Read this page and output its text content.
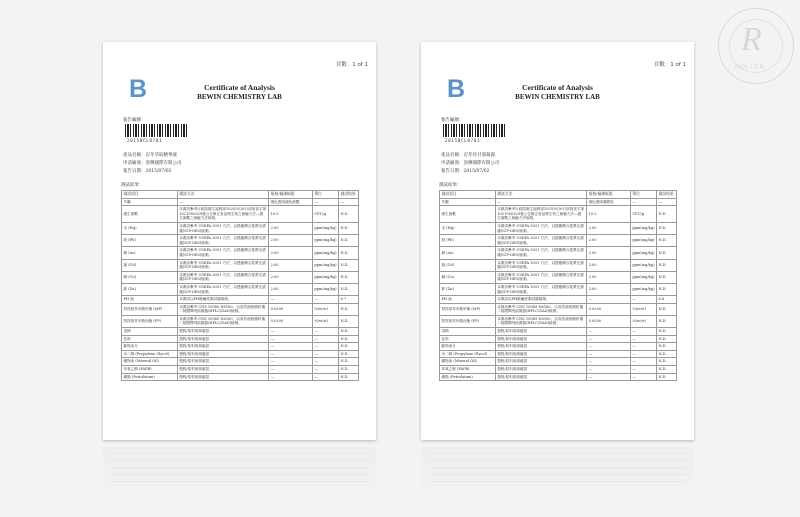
頁數：1 of 1
B	Certificate of Analysis
BEWIN CHEMISTRY LAB
報告編號：
2015BCL0701
產品名稱：忍冬萃取精華液
申請廠商：洛輝國際有限公司
報告日期：2015/07/02
測試結果：
測試項目	測試方法	規格/檢測極限	單位	測試結果
外觀	—	褐色透明液狀液體	—	—
總生菌數	本測試參考行政院衛生福利部102年8月6日部授食字第1021950329號公告修正食品微生物之檢驗方法—總生菌數之檢驗方法檢測。	10.0	CFU/g	N.D.
汞 (Hg)	本測試參考 USEPA 3051 方法，以感應耦合電漿光譜儀(ICP-OES)檢測。	2.00	ppm(mg/kg)	N.D.
鉛 (Pb)	本測試參考 USEPA 3051 方法，以感應耦合電漿光譜儀(ICP-OES)檢測。	2.00	ppm(mg/kg)	N.D.
砷 (As)	本測試參考 USEPA 3051 方法，以感應耦合電漿光譜儀(ICP-OES)檢測。	2.00	ppm(mg/kg)	N.D.
鎘 (Cd)	本測試參考 USEPA 3051 方法，以感應耦合電漿光譜儀(ICP-OES)檢測。	2.00	ppm(mg/kg)	N.D.
銅 (Cu)	本測試參考 USEPA 3051 方法，以感應耦合電漿光譜儀(ICP-OES)檢測。	2.00	ppm(mg/kg)	N.D.
鋅 (Zn)	本測試參考 USEPA 3051 方法，以感應耦合電漿光譜儀(ICP-OES)檢測。	2.00	ppm(mg/kg)	N.D.
PH 值	本測試以PH酸鹼度測試儀檢測。	—	—	6.7
對羥基苯甲酸甲酯 (MP)	本測試參考 CNS 10949 N6180，以高效液相層析儀二極體陣列偵測器(HPLC/DAD)檢測。	0.0200	%(w/w)	N.D.
對羥基苯甲酸丙酯 (PP)	本測試參考 CNS 10949 N6180，以高效液相層析儀二極體陣列偵測器(HPLC/DAD)檢測。	0.0200	%(w/w)	N.D.
香精	製程/原料來源確認	—	—	N.D.
色料	製程/原料來源確認	—	—	N.D.
動物成分	製程/原料來源確認	—	—	N.D.
丙二醇 (Propylene Glycol)	製程/原料來源確認	—	—	N.D.
礦物油 (Mineral Oil)	製程/原料來源確認	—	—	N.D.
苯氧乙醇 (PAPB)	製程/原料來源確認	—	—	N.D.
礦脂 (Petrolatum)	製程/原料來源確認	—	—	N.D.
頁數：1 of 1
B	Certificate of Analysis
BEWIN CHEMISTRY LAB
報告編號：
2015BCL0702
產品名稱：忍冬洋甘菊凝露
申請廠商：洛輝國際有限公司
報告日期：2015/07/02
測試結果：
測試項目	測試方法	規格/檢測極限	單位	測試結果
外觀	—	褐色透明凝膠狀	—	—
總生菌數	本測試參考行政院衛生福利部102年8月6日部授食字第1021950329號公告修正食品微生物之檢驗方法—總生菌數之檢驗方法檢測。	10.0	CFU/g	N.D.
汞 (Hg)	本測試參考 USEPA 3051 方法，以感應耦合電漿光譜儀(ICP-OES)檢測。	2.00	ppm(mg/kg)	N.D.
鉛 (Pb)	本測試參考 USEPA 3051 方法，以感應耦合電漿光譜儀(ICP-OES)檢測。	2.00	ppm(mg/kg)	N.D.
砷 (As)	本測試參考 USEPA 3051 方法，以感應耦合電漿光譜儀(ICP-OES)檢測。	2.00	ppm(mg/kg)	N.D.
鎘 (Cd)	本測試參考 USEPA 3051 方法，以感應耦合電漿光譜儀(ICP-OES)檢測。	2.00	ppm(mg/kg)	N.D.
銅 (Cu)	本測試參考 USEPA 3051 方法，以感應耦合電漿光譜儀(ICP-OES)檢測。	2.00	ppm(mg/kg)	N.D.
鋅 (Zn)	本測試參考 USEPA 3051 方法，以感應耦合電漿光譜儀(ICP-OES)檢測。	2.00	ppm(mg/kg)	N.D.
PH 值	本測試以PH酸鹼度測試儀檢測。	—	—	6.6
對羥基苯甲酸甲酯 (MP)	本測試參考 CNS 10949 N6180，以高效液相層析儀二極體陣列偵測器(HPLC/DAD)檢測。	0.0200	%(w/w)	N.D.
對羥基苯甲酸丙酯 (PP)	本測試參考 CNS 10949 N6180，以高效液相層析儀二極體陣列偵測器(HPLC/DAD)檢測。	0.0200	%(w/w)	N.D.
香精	製程/原料來源確認	—	—	N.D.
色料	製程/原料來源確認	—	—	N.D.
動物成分	製程/原料來源確認	—	—	N.D.
丙二醇 (Propylene Glycol)	製程/原料來源確認	—	—	N.D.
礦物油 (Mineral Oil)	製程/原料來源確認	—	—	N.D.
苯氧乙醇 (PAPB)	製程/原料來源確認	—	—	N.D.
礦脂 (Petrolatum)	製程/原料來源確認	—	—	N.D.
R
ROLLER
